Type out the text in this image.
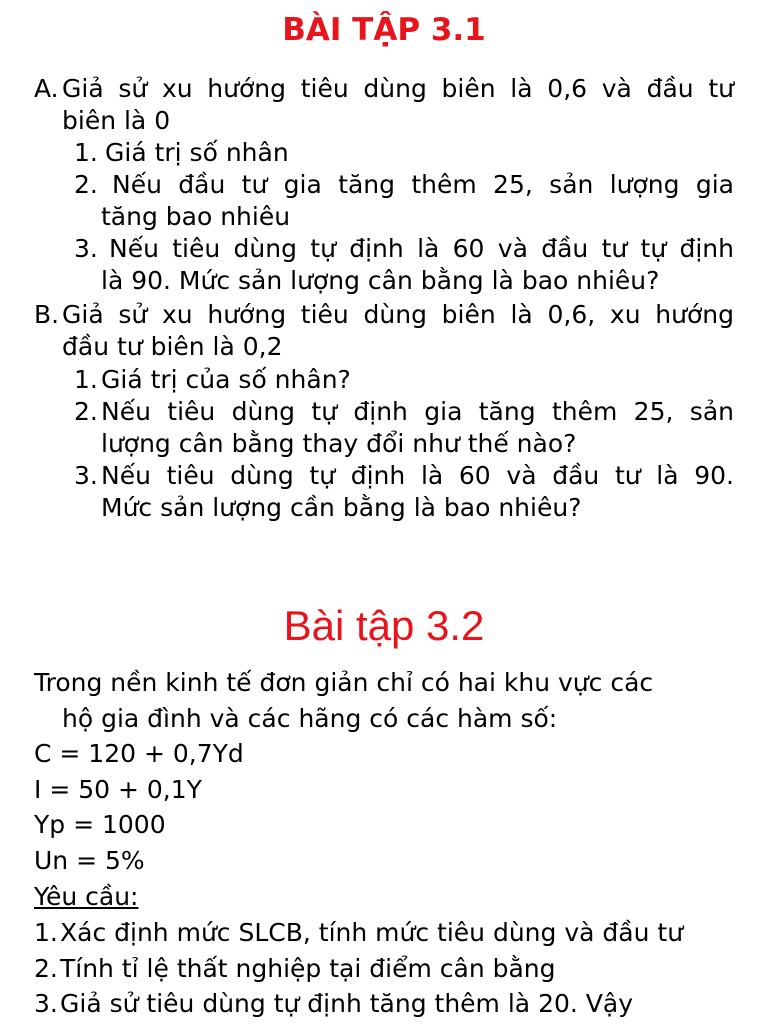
BÀI TẬP 3.1
A. Giả sử xu hướng tiêu dùng biên là 0,6 và đầu tư
biên là 0
1. Giá trị số nhân
2. Nếu đầu tư gia tăng thêm 25, sản lượng gia
tăng bao nhiêu
3. Nếu tiêu dùng tự định là 60 và đầu tư tự định
là 90. Mức sản lượng cân bằng là bao nhiêu?
B. Giả sử xu hướng tiêu dùng biên là 0,6, xu hướng
đầu tư biên là 0,2
1. Giá trị của số nhân?
2. Nếu tiêu dùng tự định gia tăng thêm 25, sản
lượng cân bằng thay đổi như thế nào?
3. Nếu tiêu dùng tự định là 60 và đầu tư là 90.
Mức sản lượng cần bằng là bao nhiêu?
Bài tập 3.2
Trong nền kinh tế đơn giản chỉ có hai khu vực các
hộ gia đình và các hãng có các hàm số:
C = 120 + 0,7Yd
I = 50 + 0,1Y
Yp = 1000
Un = 5%
Yêu cầu:
1. Xác định mức SLCB, tính mức tiêu dùng và đầu tư
2. Tính tỉ lệ thất nghiệp tại điểm cân bằng
3. Giả sử tiêu dùng tự định tăng thêm là 20. Vậy
